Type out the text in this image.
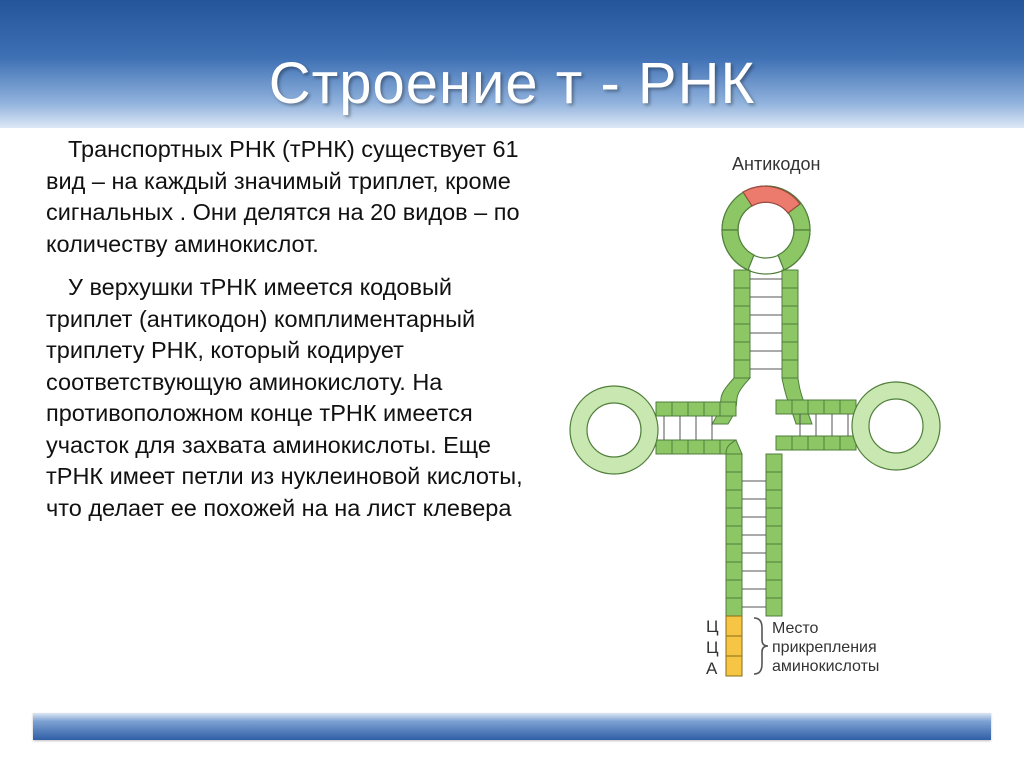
Строение т - РНК

Транспортных РНК (тРНК) существует 61 вид – на каждый значимый триплет, кроме сигнальных . Они делятся на 20 видов – по количеству аминокислот.

У верхушки тРНК имеется кодовый триплет (антикодон) комплиментарный триплету РНК, который кодирует соответствующую аминокислоту. На противоположном конце тРНК имеется участок для захвата аминокислоты. Еще тРНК имеет петли из нуклеиновой кислоты, что делает ее похожей на на лист клевера

Антикодон
Ц
Ц
А
Место
прикрепления
аминокислоты
